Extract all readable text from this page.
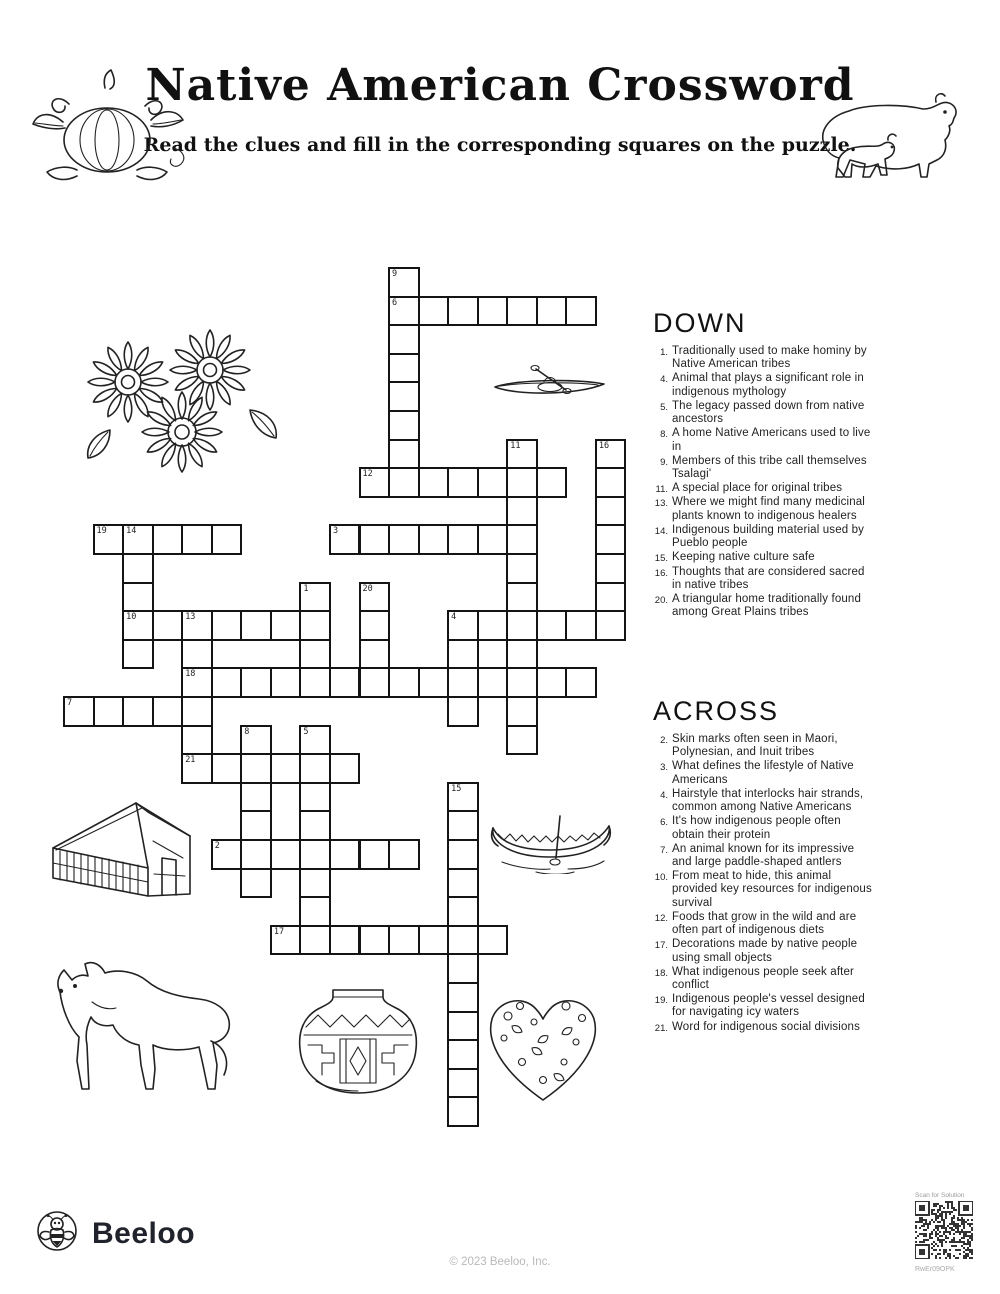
Native American Crossword
Read the clues and fill in the corresponding squares on the puzzle.
9
6
11	16
12
19 14
10
3
1	20
13
18
21
4
7
8	5
15
2
17
DOWN
1. Traditionally used to make hominy by Native American tribes
4. Animal that plays a significant role in indigenous mythology
5. The legacy passed down from native ancestors
8. A home Native Americans used to live in
9. Members of this tribe call themselves Tsalagi'
11. A special place for original tribes
13. Where we might find many medicinal plants known to indigenous healers
14. Indigenous building material used by Pueblo people
15. Keeping native culture safe
16. Thoughts that are considered sacred in native tribes
20. A triangular home traditionally found among Great Plains tribes
ACROSS
2. Skin marks often seen in Maori, Polynesian, and Inuit tribes
3. What defines the lifestyle of Native Americans
4. Hairstyle that interlocks hair strands, common among Native Americans
6. It's how indigenous people often obtain their protein
7. An animal known for its impressive and large paddle-shaped antlers
10. From meat to hide, this animal provided key resources for indigenous survival
12. Foods that grow in the wild and are often part of indigenous diets
17. Decorations made by native people using small objects
18. What indigenous people seek after conflict
19. Indigenous people's vessel designed for navigating icy waters
21. Word for indigenous social divisions
Beeloo
© 2023 Beeloo, Inc.
Scan for Solution
RwEr09OPK
